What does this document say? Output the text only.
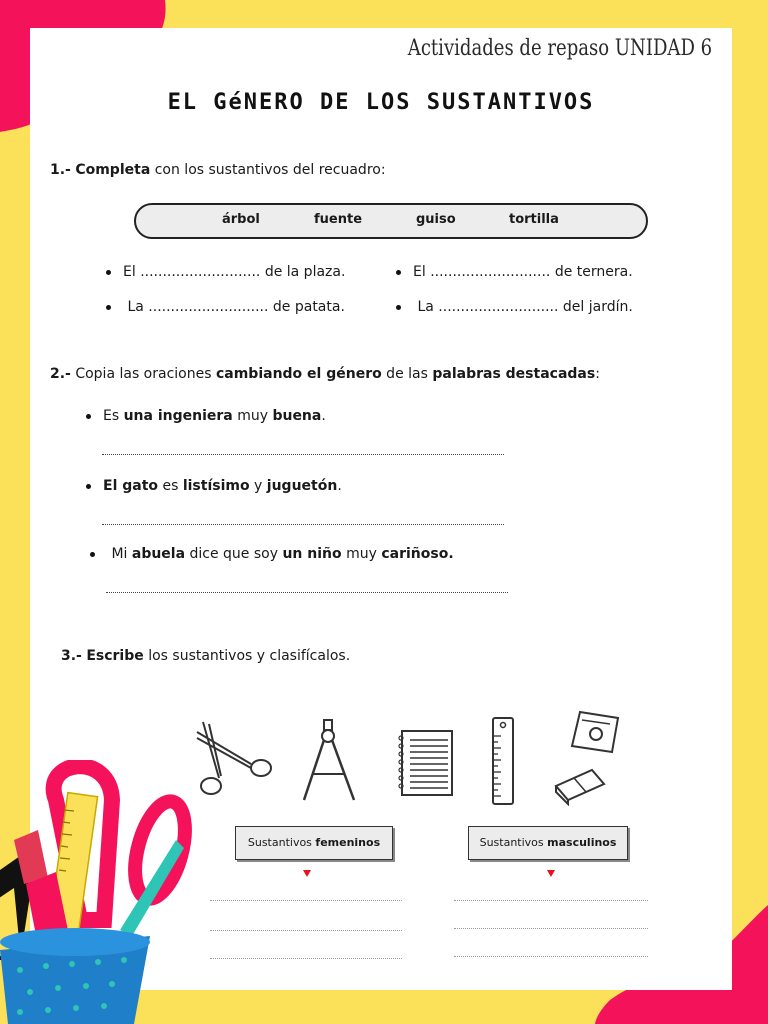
Actividades de repaso UNIDAD 6
EL GéNERO DE LOS SUSTANTIVOS
1.- Completa con los sustantivos del recuadro:
árbol	fuente	guiso	tortilla
El ........................... de la plaza.	El ........................... de ternera.
La ........................... de patata.	La ........................... del jardín.
2.- Copia las oraciones cambiando el género de las palabras destacadas:
Es una ingeniera muy buena.
El gato es listísimo y juguetón.
Mi abuela dice que soy un niño muy cariñoso.
3.- Escribe los sustantivos y clasifícalos.
Sustantivos femeninos	Sustantivos masculinos
